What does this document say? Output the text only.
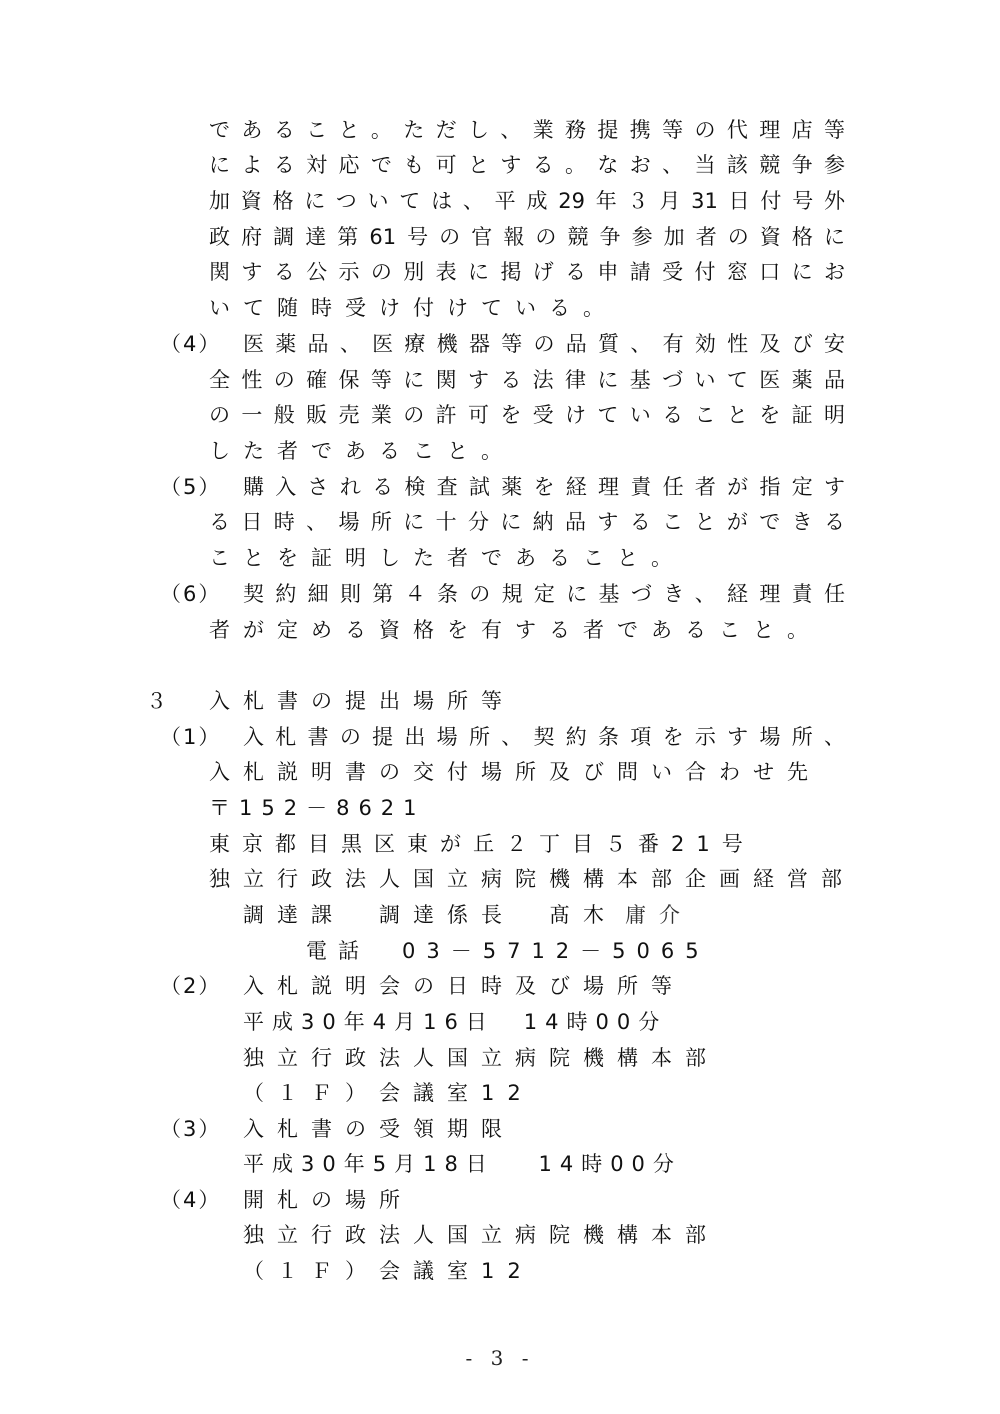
であること。ただし、業務提携等の代理店等
による対応でも可とする。なお、当該競争参
加資格については、平成29年３月31日付号外
政府調達第61号の官報の競争参加者の資格に
関する公示の別表に掲げる申請受付窓口にお
いて随時受け付けている。
（4） 医薬品、医療機器等の品質、有効性及び安
全性の確保等に関する法律に基づいて医薬品
の一般販売業の許可を受けていることを証明
した者であること。
（5） 購入される検査試薬を経理責任者が指定す
る日時、場所に十分に納品することができる
ことを証明した者であること。
（6） 契約細則第４条の規定に基づき、経理責任
者が定める資格を有する者であること。
３ 入札書の提出場所等
（1） 入札書の提出場所、契約条項を示す場所、
入札説明書の交付場所及び問い合わせ先
〒152－8621
東京都目黒区東が丘２丁目５番21号
独立行政法人国立病院機構本部企画経営部
調達課　調達係長　髙木 庸介
電話　03－5712－5065
（2） 入札説明会の日時及び場所等
平成30年4月16日　14時00分
独立行政法人国立病院機構本部
（１Ｆ）会議室12
（3） 入札書の受領期限
平成30年5月18日　 14時00分
（4） 開札の場所
独立行政法人国立病院機構本部
（１Ｆ）会議室12
- 3 -
